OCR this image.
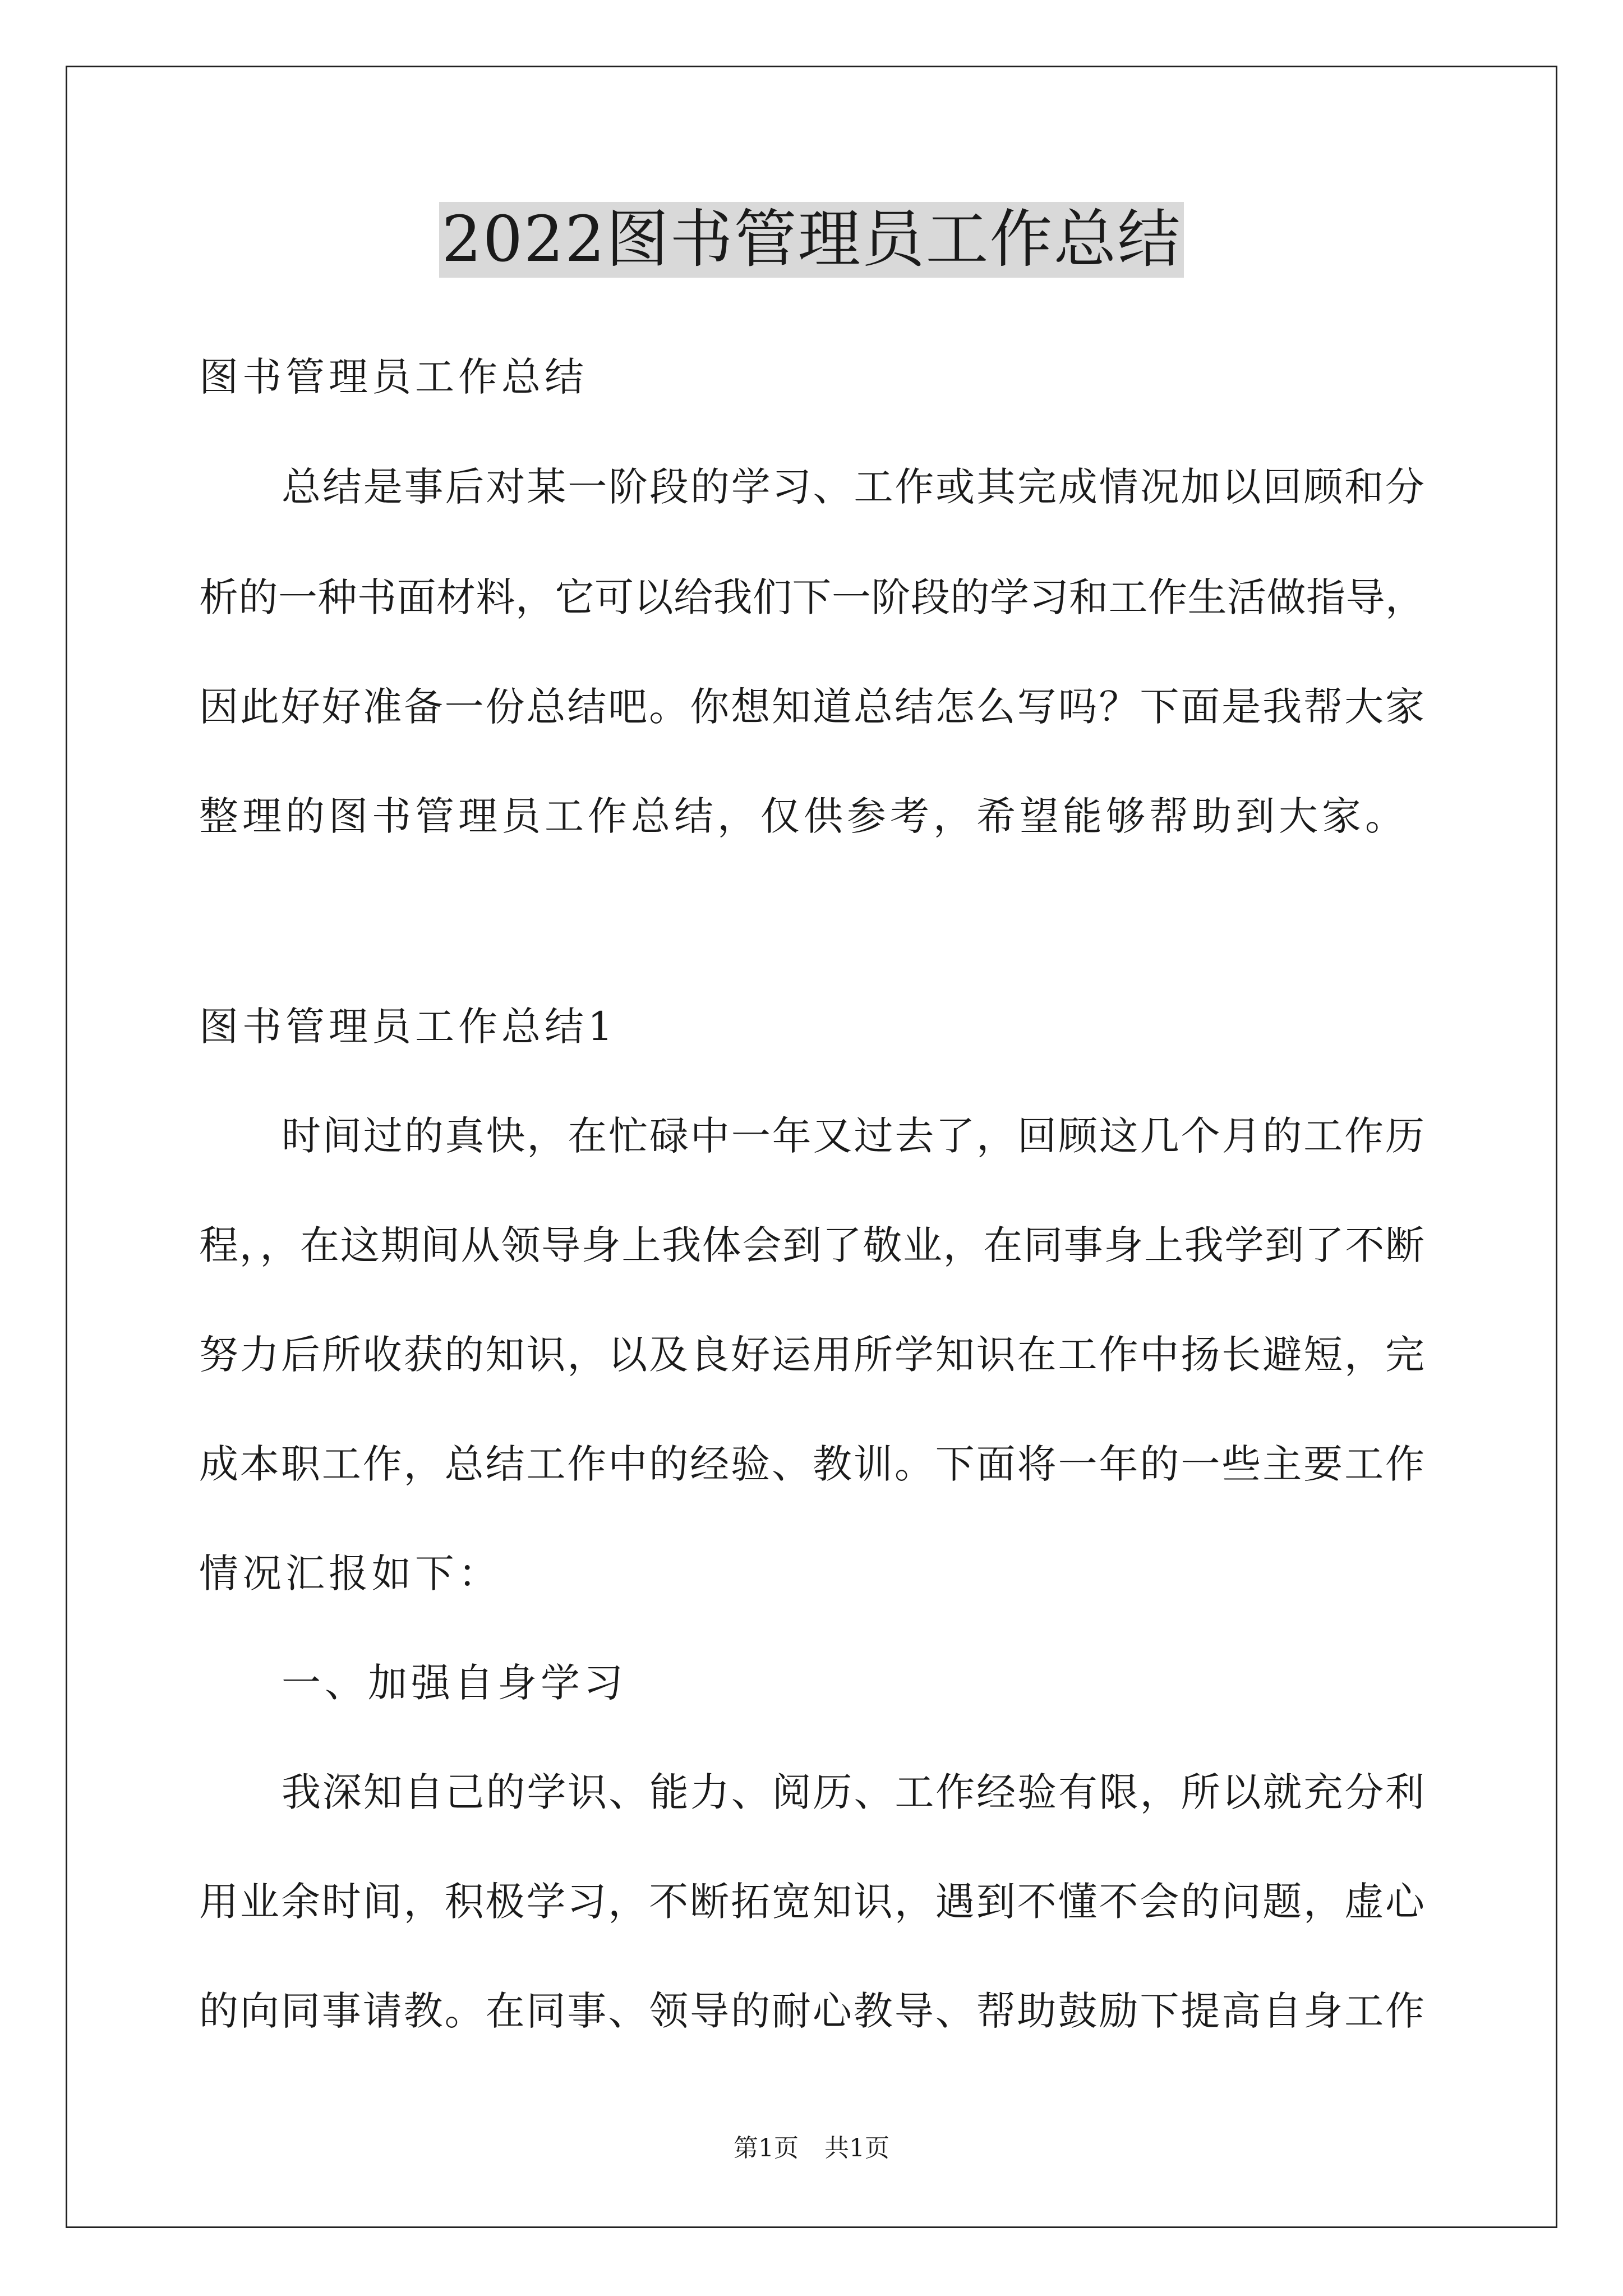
2022图书管理员工作总结
图书管理员工作总结
总结是事后对某一阶段的学习、工作或其完成情况加以回顾和分
析的一种书面材料，它可以给我们下一阶段的学习和工作生活做指导，
因此好好准备一份总结吧。你想知道总结怎么写吗？下面是我帮大家
整理的图书管理员工作总结，仅供参考，希望能够帮助到大家。
图书管理员工作总结1
时间过的真快，在忙碌中一年又过去了，回顾这几个月的工作历
程，，在这期间从领导身上我体会到了敬业，在同事身上我学到了不断
努力后所收获的知识，以及良好运用所学知识在工作中扬长避短，完
成本职工作，总结工作中的经验、教训。下面将一年的一些主要工作
情况汇报如下：
一、加强自身学习
我深知自己的学识、能力、阅历、工作经验有限，所以就充分利
用业余时间，积极学习，不断拓宽知识，遇到不懂不会的问题，虚心
的向同事请教。在同事、领导的耐心教导、帮助鼓励下提高自身工作
第1页 共1页
